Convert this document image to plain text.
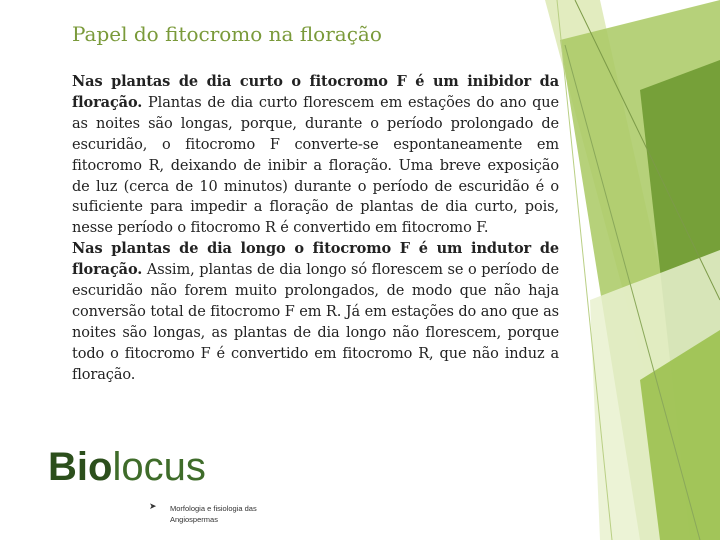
Papel do fitocromo na floração

Nas plantas de dia curto o fitocromo F é um inibidor da floração. Plantas de dia curto florescem em estações do ano que as noites são longas, porque, durante o período prolongado de escuridão, o fitocromo F converte-se espontaneamente em fitocromo R, deixando de inibir a floração. Uma breve exposição de luz (cerca de 10 minutos) durante o período de escuridão é o suficiente para impedir a floração de plantas de dia curto, pois, nesse período o fitocromo R é convertido em fitocromo F.

Nas plantas de dia longo o fitocromo F é um indutor de floração. Assim, plantas de dia longo só florescem se o período de escuridão não forem muito prolongados, de modo que não haja conversão total de fitocromo F em R. Já em estações do ano que as noites são longas, as plantas de dia longo não florescem, porque todo o fitocromo F é convertido em fitocromo R, que não induz a floração.

Biolocus
➤ Morfologia e fisiologia das Angiospermas
